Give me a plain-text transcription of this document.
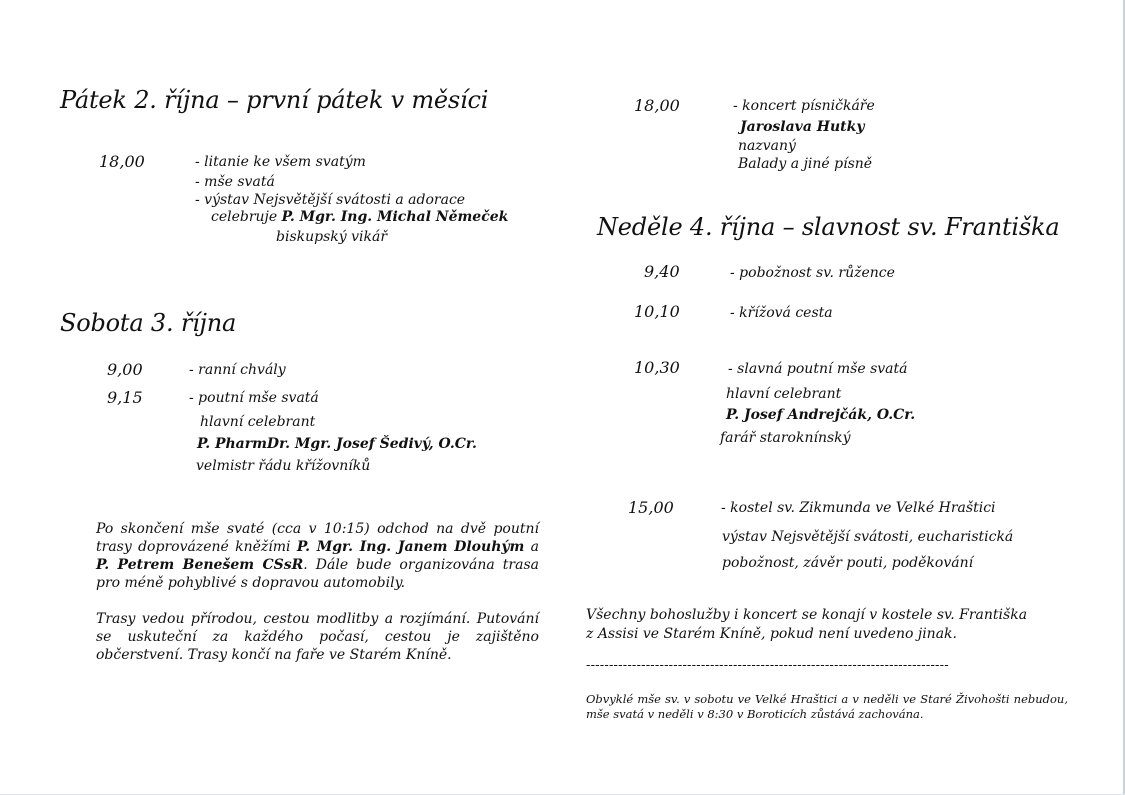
Pátek 2. října – první pátek v měsíci
18,00	- litanie ke všem svatým
- mše svatá
- výstav Nejsvětější svátosti a adorace
celebruje P. Mgr. Ing. Michal Němeček
biskupský vikář
Sobota 3. října
9,00	- ranní chvály
9,15	- poutní mše svatá
hlavní celebrant
P. PharmDr. Mgr. Josef Šedivý, O.Cr.
velmistr řádu křížovníků
Po skončení mše svaté (cca v 10:15) odchod na dvě poutní trasy doprovázené kněžími P. Mgr. Ing. Janem Dlouhým a P. Petrem Benešem CSsR. Dále bude organizována trasa pro méně pohyblivé s dopravou automobily.
Trasy vedou přírodou, cestou modlitby a rozjímání. Putování se uskuteční za každého počasí, cestou je zajištěno občerstvení. Trasy končí na faře ve Starém Kníně.
18,00	- koncert písničkáře
Jaroslava Hutky
nazvaný
Balady a jiné písně
Neděle 4. října – slavnost sv. Františka
9,40	- pobožnost sv. růžence
10,10	- křížová cesta
10,30	- slavná poutní mše svatá
hlavní celebrant
P. Josef Andrejčák, O.Cr.
farář staroknínský
15,00	- kostel sv. Zikmunda ve Velké Hraštici
výstav Nejsvětější svátosti, eucharistická
pobožnost, závěr pouti, poděkování
Všechny bohoslužby i koncert se konají v kostele sv. Františka
z Assisi ve Starém Kníně, pokud není uvedeno jinak.
-------------------------------------------------------------------------------
Obvyklé mše sv. v sobotu ve Velké Hraštici a v neděli ve Staré Živohošti nebudou, mše svatá v neděli v 8:30 v Boroticích zůstává zachována.
